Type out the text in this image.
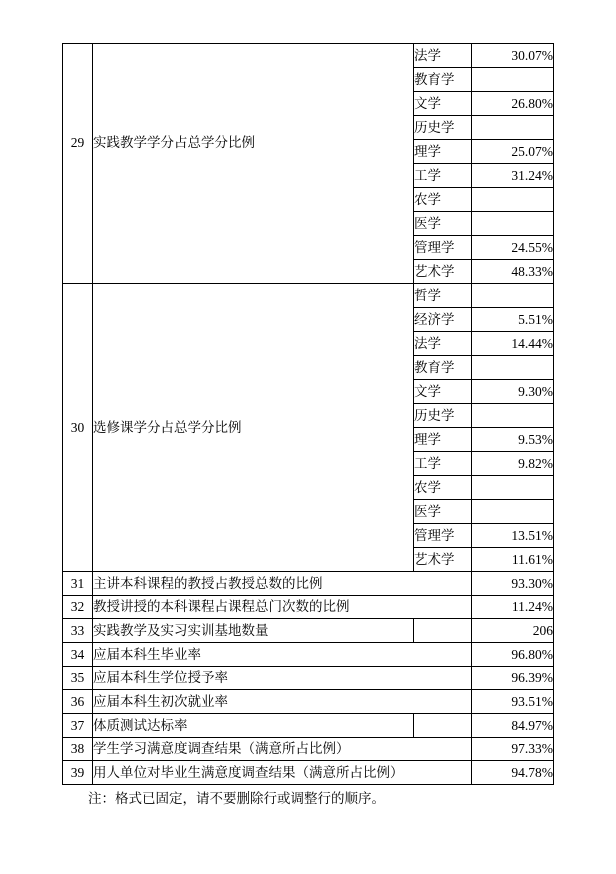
29	实践教学学分占总学分比例	法学	30.07%

		教育学	

		文学	26.80%

		历史学	

		理学	25.07%

		工学	31.24%

		农学	

		医学	

		管理学	24.55%

		艺术学	48.33%

30	选修课学分占总学分比例	哲学	

		经济学	5.51%

		法学	14.44%

		教育学	

		文学	9.30%

		历史学	

		理学	9.53%

		工学	9.82%

		农学	

		医学	

		管理学	13.51%

		艺术学	11.61%

31	主讲本科课程的教授占教授总数的比例		93.30%

32	教授讲授的本科课程占课程总门次数的比例		11.24%

33	实践教学及实习实训基地数量		206

34	应届本科生毕业率		96.80%

35	应届本科生学位授予率		96.39%

36	应届本科生初次就业率		93.51%

37	体质测试达标率		84.97%

38	学生学习满意度调查结果（满意所占比例）		97.33%

39	用人单位对毕业生满意度调查结果（满意所占比例）		94.78%
注：格式已固定，请不要删除行或调整行的顺序。
